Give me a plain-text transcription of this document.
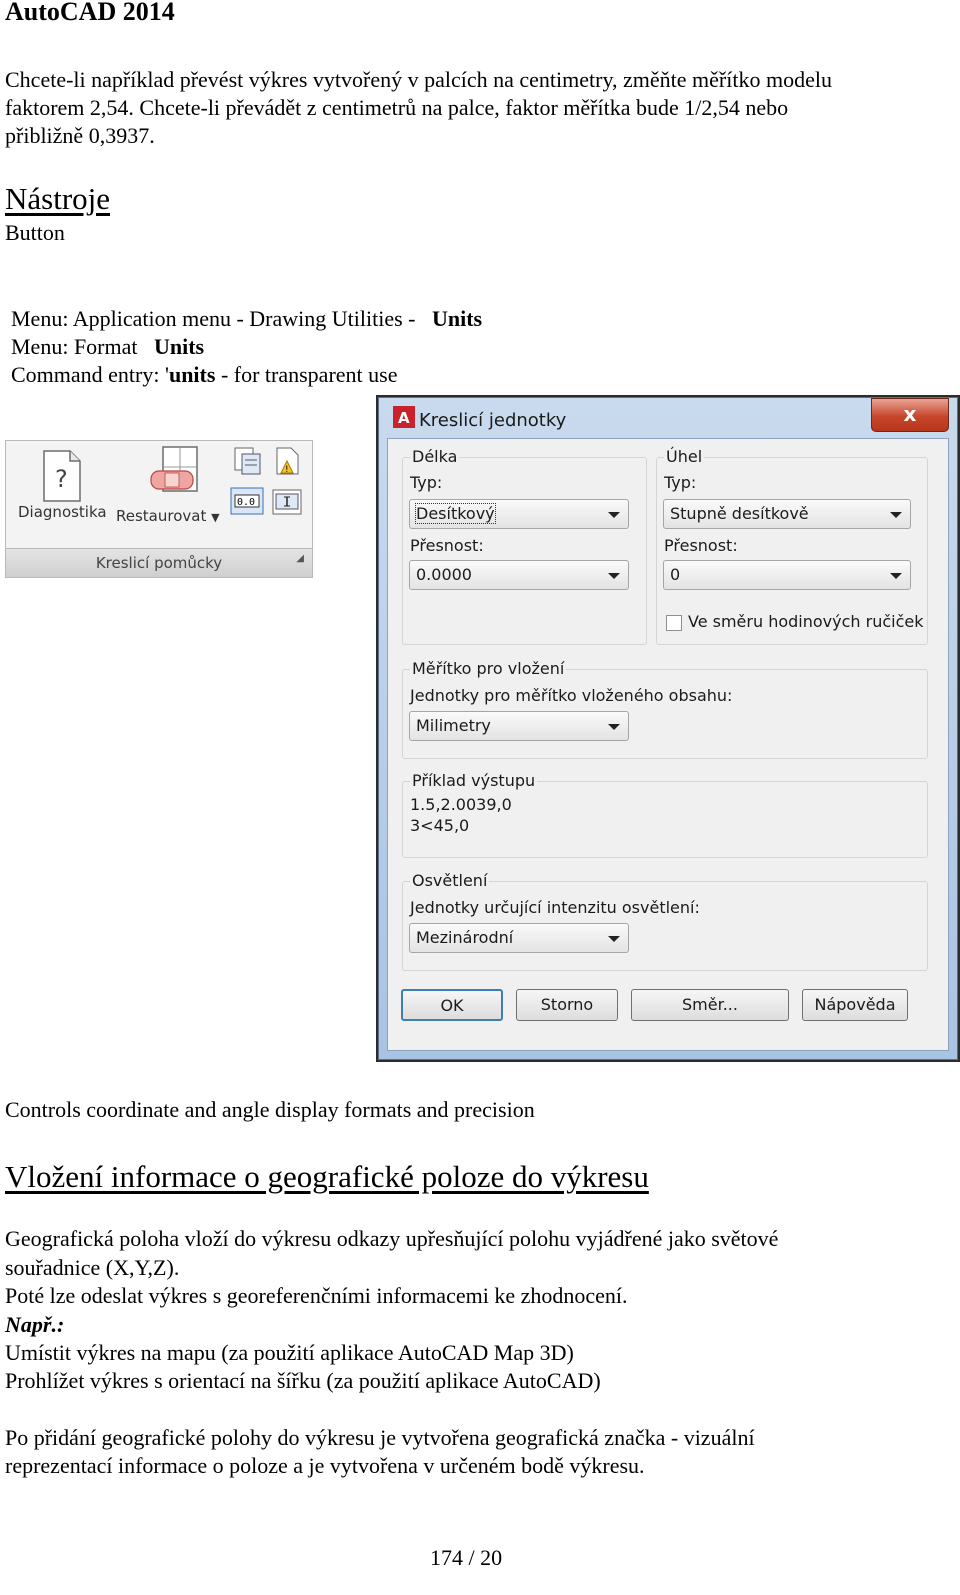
AutoCAD 2014
Chcete-li například převést výkres vytvořený v palcích na centimetry, změňte měřítko modelu
faktorem 2,54. Chcete-li převádět z centimetrů na palce, faktor měřítka bude 1/2,54 nebo
přibližně 0,3937.
Nástroje
Button
Menu: Application menu - Drawing Utilities - Units
Menu: Format Units
Command entry: 'units - for transparent use
?
Diagnostika Restaurovat ▼
!
0.0
Kreslicí pomůcky	◢
A Kreslicí jednotky	x
Délka
Typ:
Desítkový
Přesnost:
0.0000
Úhel
Typ:
Stupně desítkově
Přesnost:
0
Ve směru hodinových ručiček
Měřítko pro vložení
Jednotky pro měřítko vloženého obsahu:
Milimetry
Příklad výstupu
1.5,2.0039,0
3<45,0
Osvětlení
Jednotky určující intenzitu osvětlení:
Mezinárodní
OK	Storno	Směr...	Nápověda
Controls coordinate and angle display formats and precision
Vložení informace o geografické poloze do výkresu
Geografická poloha vloží do výkresu odkazy upřesňující polohu vyjádřené jako světové
souřadnice (X,Y,Z).
Poté lze odeslat výkres s georeferenčními informacemi ke zhodnocení.
Např.:
Umístit výkres na mapu (za použití aplikace AutoCAD Map 3D)
Prohlížet výkres s orientací na šířku (za použití aplikace AutoCAD)
Po přidání geografické polohy do výkresu je vytvořena geografická značka - vizuální
reprezentací informace o poloze a je vytvořena v určeném bodě výkresu.
174 / 20
